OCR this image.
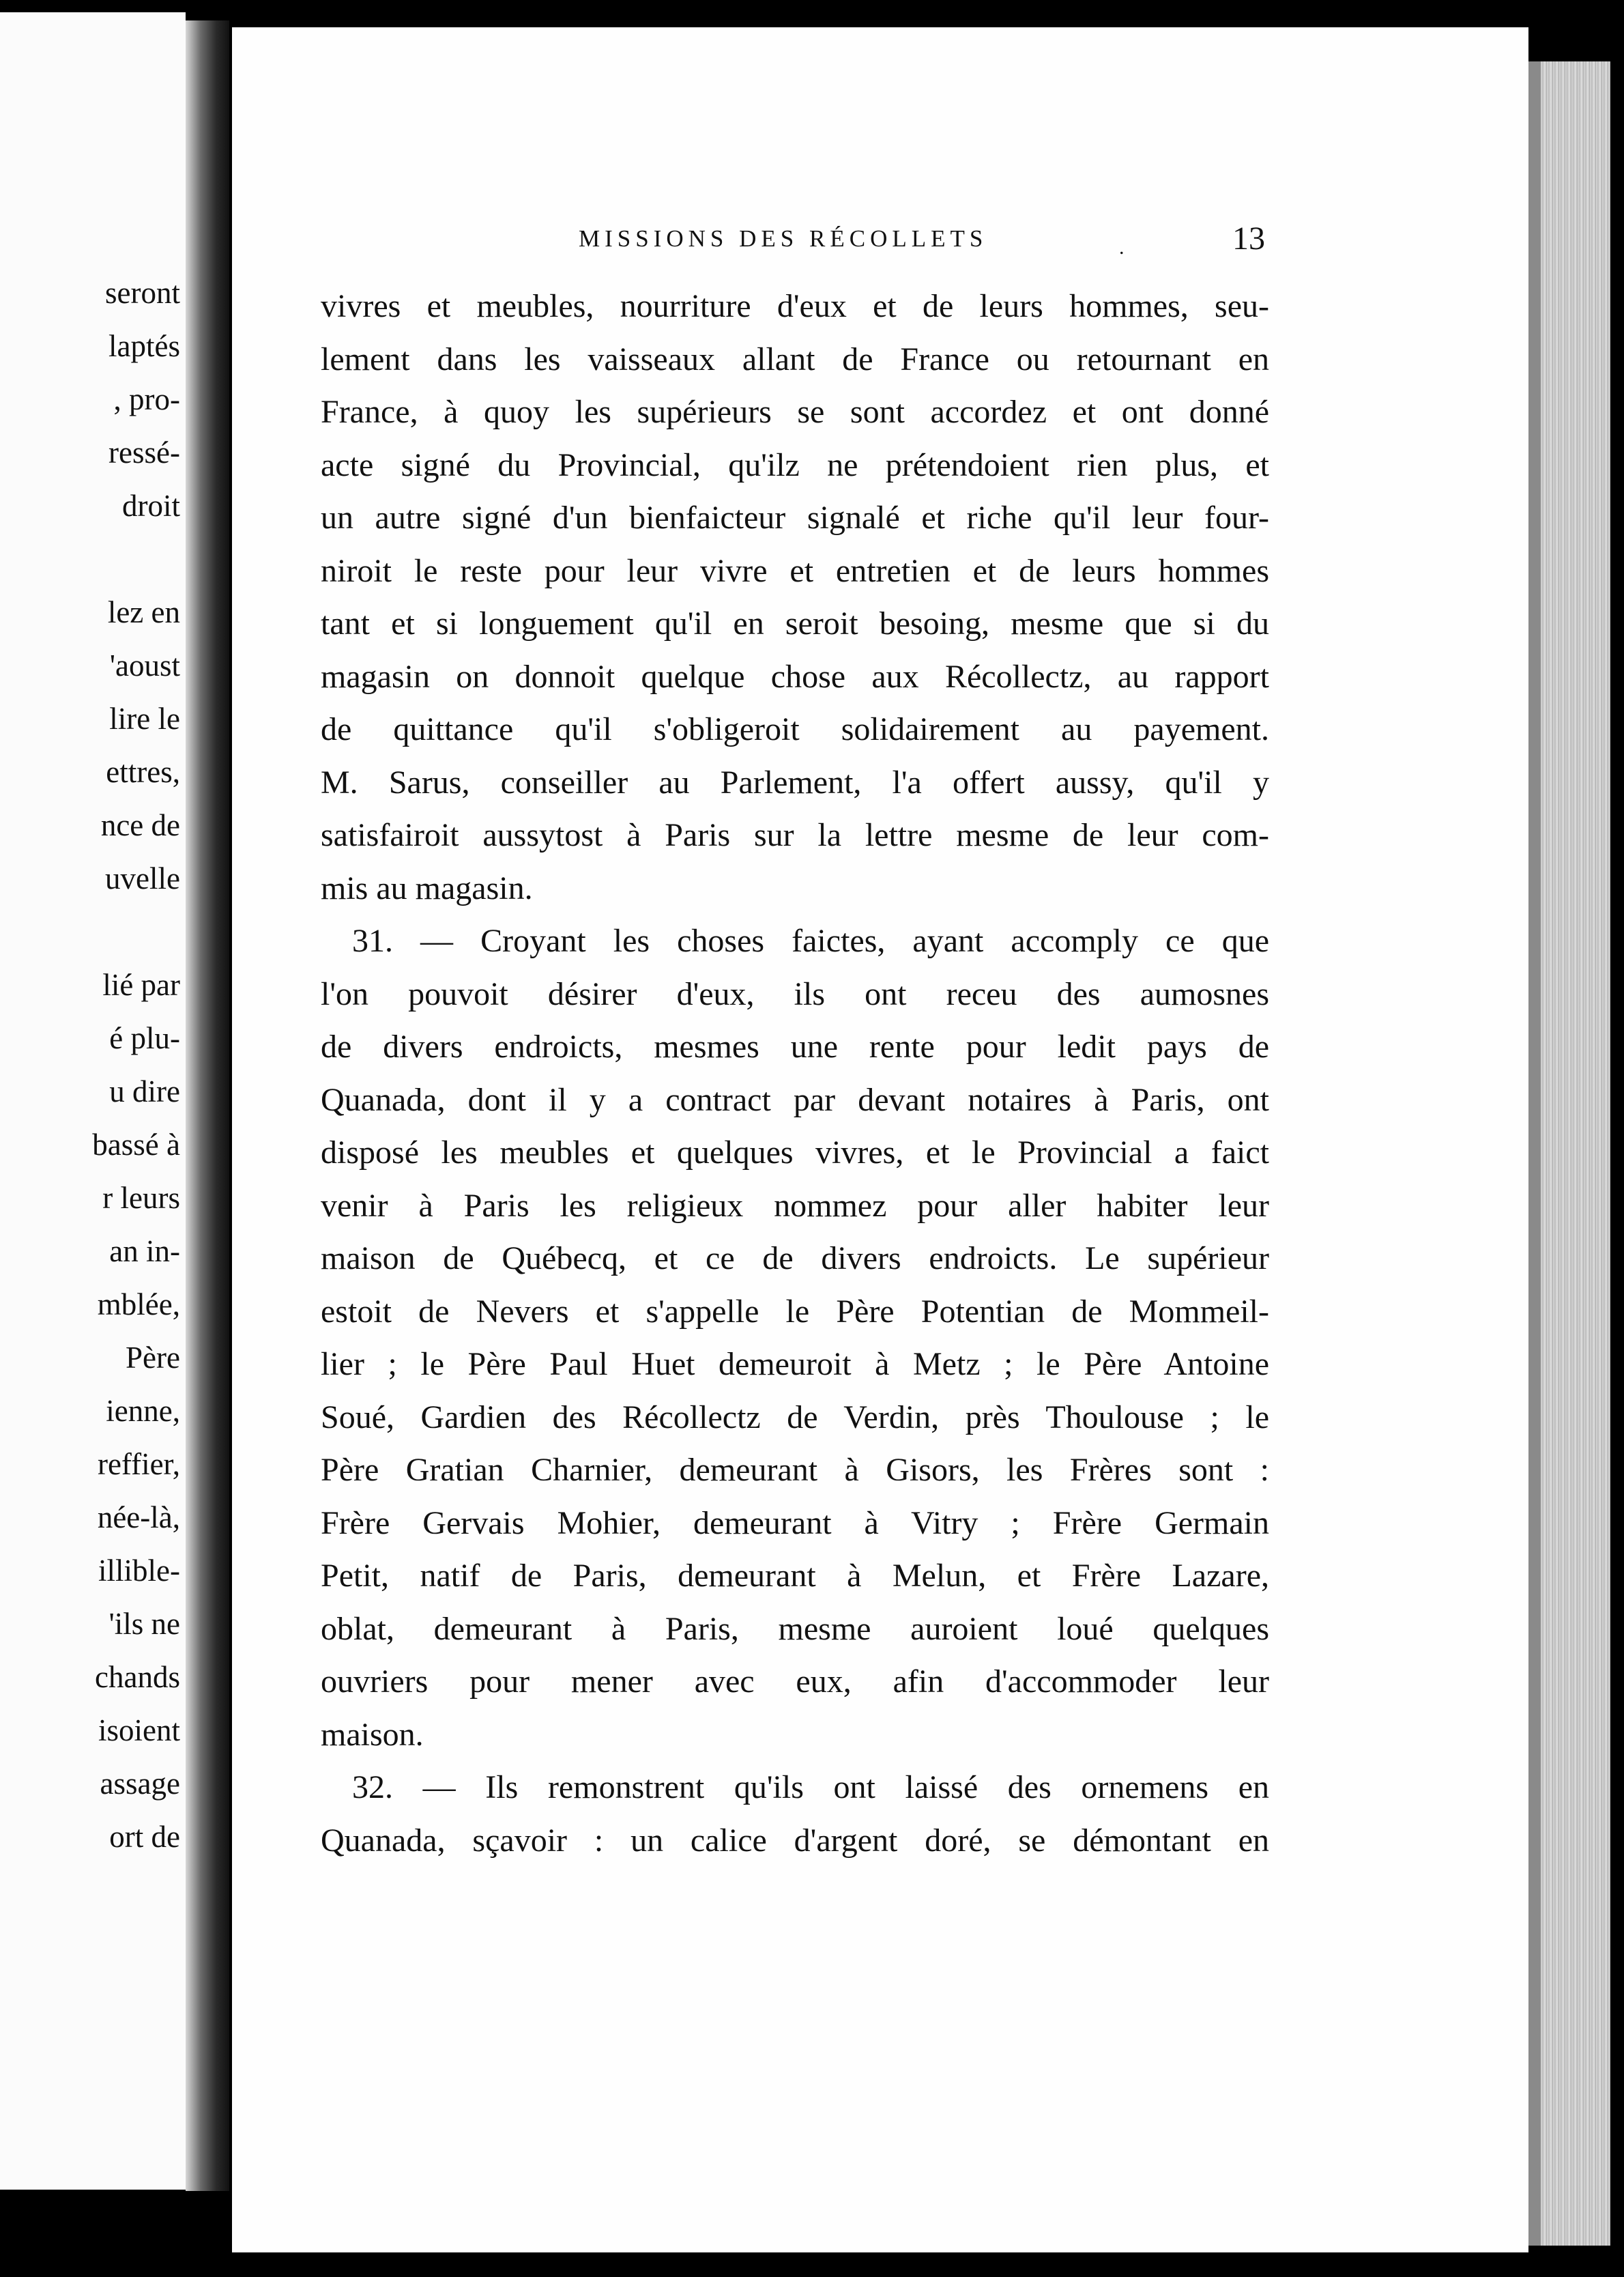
seront
laptés
, pro-
ressé-
droit
lez en
'aoust
lire le
ettres,
nce de
uvelle
lié par
é plu-
u dire
bassé à
r leurs
an in-
mblée,
Père
ienne,
reffier,
née-là,
illible-
'ils ne
chands
isoient
assage
ort de
MISSIONS DES RÉCOLLETS	.	13
vivres et meubles, nourriture d'eux et de leurs hommes, seu-
lement dans les vaisseaux allant de France ou retournant en
France, à quoy les supérieurs se sont accordez et ont donné
acte signé du Provincial, qu'ilz ne prétendoient rien plus, et
un autre signé d'un bienfaicteur signalé et riche qu'il leur four-
niroit le reste pour leur vivre et entretien et de leurs hommes
tant et si longuement qu'il en seroit besoing, mesme que si du
magasin on donnoit quelque chose aux Récollectz, au rapport
de quittance qu'il s'obligeroit solidairement au payement.
M. Sarus, conseiller au Parlement, l'a offert aussy, qu'il y
satisfairoit aussytost à Paris sur la lettre mesme de leur com-
mis au magasin.
31. — Croyant les choses faictes, ayant accomply ce que
l'on pouvoit désirer d'eux, ils ont receu des aumosnes
de divers endroicts, mesmes une rente pour ledit pays de
Quanada, dont il y a contract par devant notaires à Paris, ont
disposé les meubles et quelques vivres, et le Provincial a faict
venir à Paris les religieux nommez pour aller habiter leur
maison de Québecq, et ce de divers endroicts. Le supérieur
estoit de Nevers et s'appelle le Père Potentian de Mommeil-
lier ; le Père Paul Huet demeuroit à Metz ; le Père Antoine
Soué, Gardien des Récollectz de Verdin, près Thoulouse ; le
Père Gratian Charnier, demeurant à Gisors, les Frères sont :
Frère Gervais Mohier, demeurant à Vitry ; Frère Germain
Petit, natif de Paris, demeurant à Melun, et Frère Lazare,
oblat, demeurant à Paris, mesme auroient loué quelques
ouvriers pour mener avec eux, afin d'accommoder leur
maison.
32. — Ils remonstrent qu'ils ont laissé des ornemens en
Quanada, sçavoir : un calice d'argent doré, se démontant en
